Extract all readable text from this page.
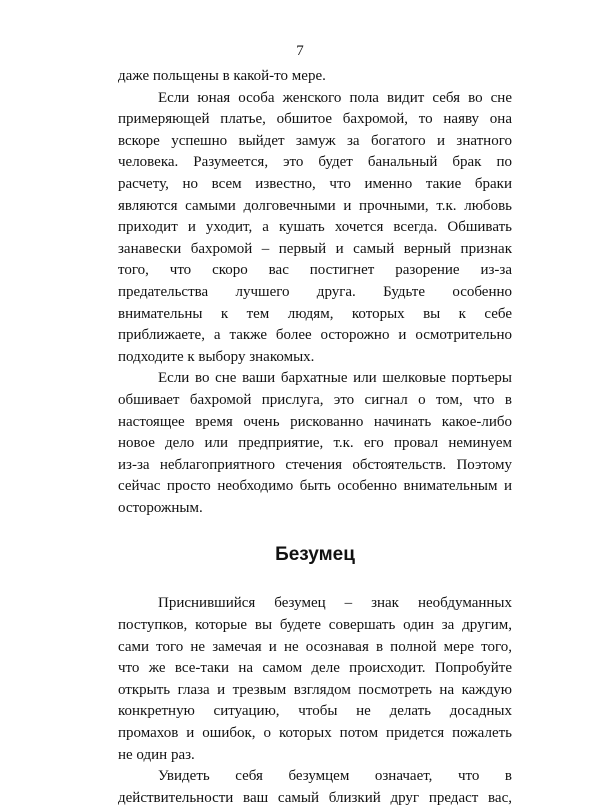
7
даже польщены в какой-то мере.
Если юная особа женского пола видит себя во сне
примеряющей платье, обшитое бахромой, то наяву она
вскоре успешно выйдет замуж за богатого и знатного
человека. Разумеется, это будет банальный брак по
расчету, но всем известно, что именно такие браки
являются самыми долговечными и прочными, т.к. любовь
приходит и уходит, а кушать хочется всегда. Обшивать
занавески бахромой – первый и самый верный признак
того, что скоро вас постигнет разорение из-за
предательства лучшего друга. Будьте особенно
внимательны к тем людям, которых вы к себе
приближаете, а также более осторожно и осмотрительно
подходите к выбору знакомых.
Если во сне ваши бархатные или шелковые портьеры
обшивает бахромой прислуга, это сигнал о том, что в
настоящее время очень рискованно начинать какое-либо
новое дело или предприятие, т.к. его провал неминуем
из-за неблагоприятного стечения обстоятельств. Поэтому
сейчас просто необходимо быть особенно внимательным и
осторожным.
Безумец
Приснившийся безумец – знак необдуманных
поступков, которые вы будете совершать один за другим,
сами того не замечая и не осознавая в полной мере того,
что же все-таки на самом деле происходит. Попробуйте
открыть глаза и трезвым взглядом посмотреть на каждую
конкретную ситуацию, чтобы не делать досадных
промахов и ошибок, о которых потом придется пожалеть
не один раз.
Увидеть себя безумцем означает, что в
действительности ваш самый близкий друг предаст вас,
